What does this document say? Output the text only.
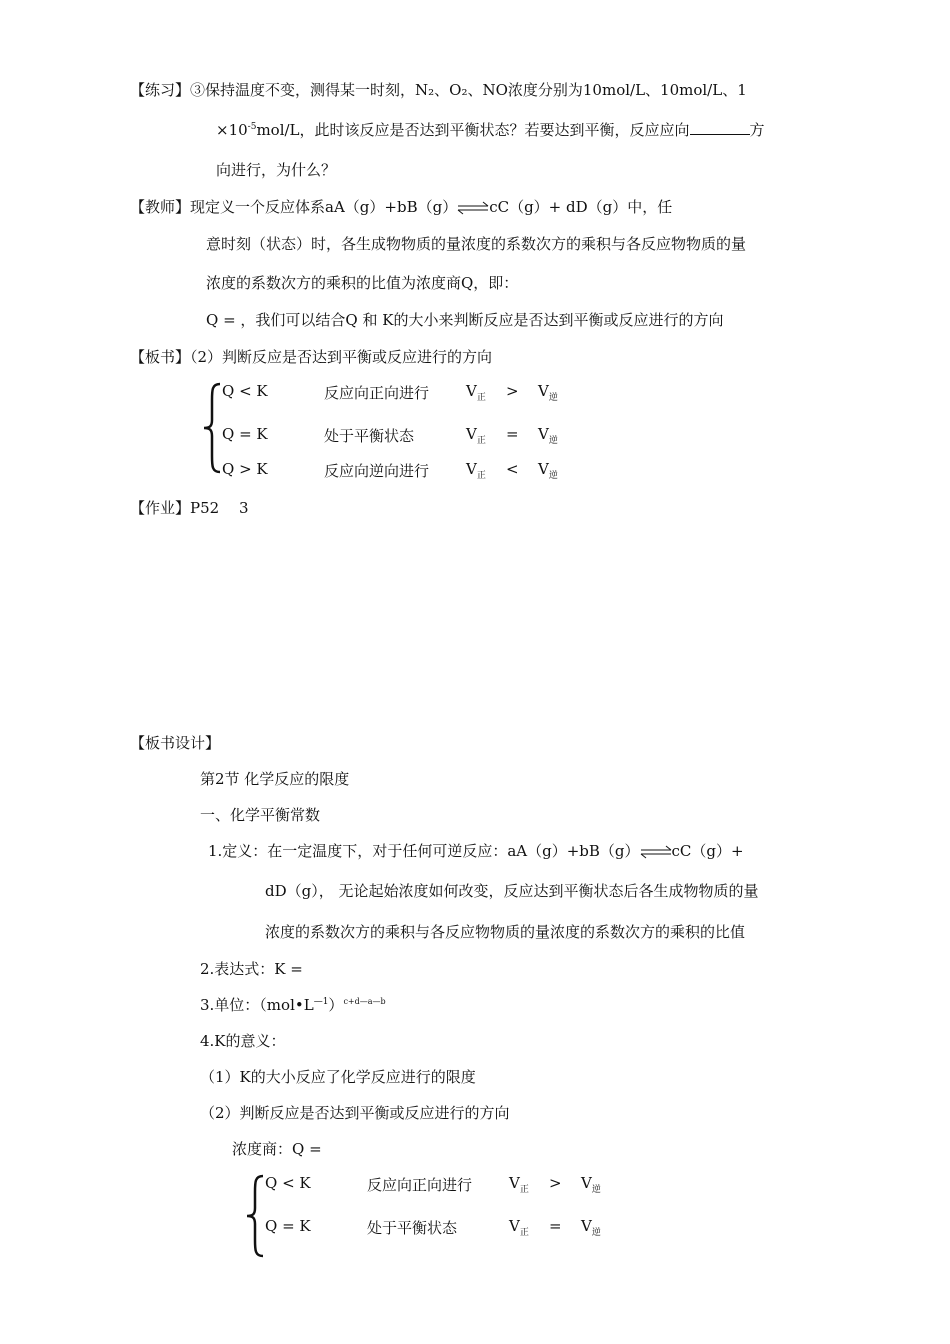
【练习】③保持温度不变，测得某一时刻，N₂、O₂、NO浓度分别为10mol/L、10mol/L、1
$\times 10^{-5}mol/L$，此时该反应是否达到平衡状态？若要达到平衡，反应应向	方
向进行，为什么？
【教师】现定义一个反应体系aA（g）+bB（g）⇌cC（g）+ dD（g）中，任
意时刻（状态）时，各生成物物质的量浓度的系数次方的乘积与各反应物物质的量
浓度的系数次方的乘积的比值为浓度商Q，即：
Q = ，我们可以结合Q 和 K的大小来判断反应是否达到平衡或反应进行的方向
【板书】（2）判断反应是否达到平衡或反应进行的方向
Q < K	反应向正向进行 $V_正 > V_逆$
Q = K	处于平衡状态	$V_正 = V_逆$
Q > K	反应向逆向进行 $V_正 < V_逆$
【作业】P52　 3
【板书设计】
第2节 化学反应的限度
一、化学平衡常数
1.定义：在一定温度下，对于任何可逆反应：aA（g）+bB（g）⇌cC（g）+
dD（g）， 无论起始浓度如何改变，反应达到平衡状态后各生成物物质的量
浓度的系数次方的乘积与各反应物物质的量浓度的系数次方的乘积的比值
2.表达式：K =
3.单位：$(mol•L^{—1})^{c+d—a—b}$
4.K的意义：
（1）K的大小反应了化学反应进行的限度
（2）判断反应是否达到平衡或反应进行的方向
浓度商：Q =
Q < K	反应向正向进行 $V_正 > V_逆$
Q = K	处于平衡状态	$V_正 = V_逆$
